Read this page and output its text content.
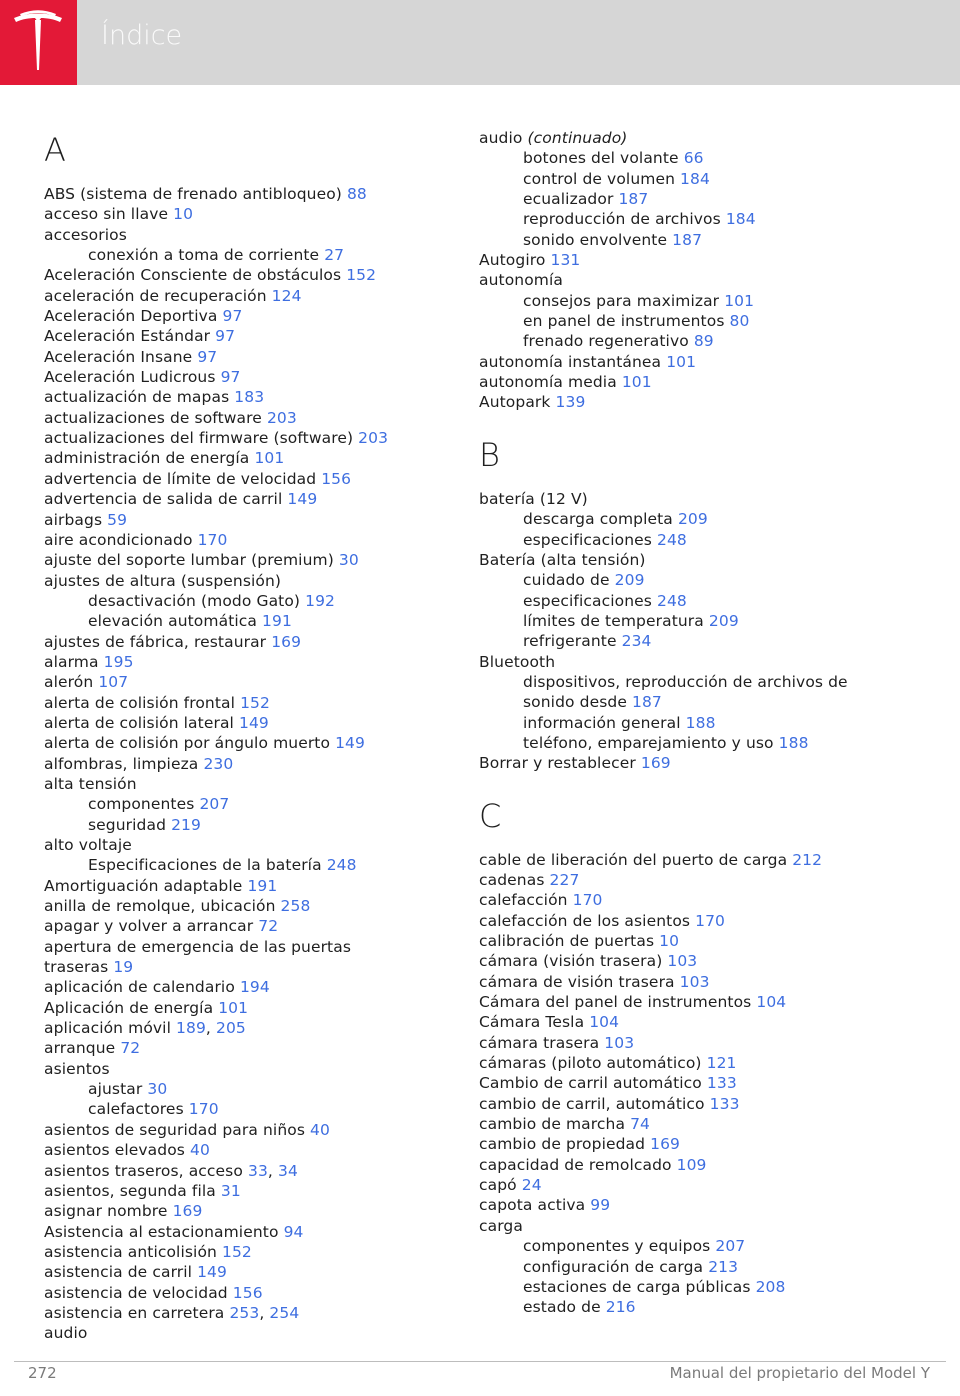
Índice
A
ABS (sistema de frenado antibloqueo) 88
acceso sin llave 10
accesorios
conexión a toma de corriente 27
Aceleración Consciente de obstáculos 152
aceleración de recuperación 124
Aceleración Deportiva 97
Aceleración Estándar 97
Aceleración Insane 97
Aceleración Ludicrous 97
actualización de mapas 183
actualizaciones de software 203
actualizaciones del firmware (software) 203
administración de energía 101
advertencia de límite de velocidad 156
advertencia de salida de carril 149
airbags 59
aire acondicionado 170
ajuste del soporte lumbar (premium) 30
ajustes de altura (suspensión)
desactivación (modo Gato) 192
elevación automática 191
ajustes de fábrica, restaurar 169
alarma 195
alerón 107
alerta de colisión frontal 152
alerta de colisión lateral 149
alerta de colisión por ángulo muerto 149
alfombras, limpieza 230
alta tensión
componentes 207
seguridad 219
alto voltaje
Especificaciones de la batería 248
Amortiguación adaptable 191
anilla de remolque, ubicación 258
apagar y volver a arrancar 72
apertura de emergencia de las puertas
traseras 19
aplicación de calendario 194
Aplicación de energía 101
aplicación móvil 189, 205
arranque 72
asientos
ajustar 30
calefactores 170
asientos de seguridad para niños 40
asientos elevados 40
asientos traseros, acceso 33, 34
asientos, segunda fila 31
asignar nombre 169
Asistencia al estacionamiento 94
asistencia anticolisión 152
asistencia de carril 149
asistencia de velocidad 156
asistencia en carretera 253, 254
audio
audio (continuado)
botones del volante 66
control de volumen 184
ecualizador 187
reproducción de archivos 184
sonido envolvente 187
Autogiro 131
autonomía
consejos para maximizar 101
en panel de instrumentos 80
frenado regenerativo 89
autonomía instantánea 101
autonomía media 101
Autopark 139
B
batería (12 V)
descarga completa 209
especificaciones 248
Batería (alta tensión)
cuidado de 209
especificaciones 248
límites de temperatura 209
refrigerante 234
Bluetooth
dispositivos, reproducción de archivos de
sonido desde 187
información general 188
teléfono, emparejamiento y uso 188
Borrar y restablecer 169
C
cable de liberación del puerto de carga 212
cadenas 227
calefacción 170
calefacción de los asientos 170
calibración de puertas 10
cámara (visión trasera) 103
cámara de visión trasera 103
Cámara del panel de instrumentos 104
Cámara Tesla 104
cámara trasera 103
cámaras (piloto automático) 121
Cambio de carril automático 133
cambio de carril, automático 133
cambio de marcha 74
cambio de propiedad 169
capacidad de remolcado 109
capó 24
capota activa 99
carga
componentes y equipos 207
configuración de carga 213
estaciones de carga públicas 208
estado de 216
272	Manual del propietario del Model Y
